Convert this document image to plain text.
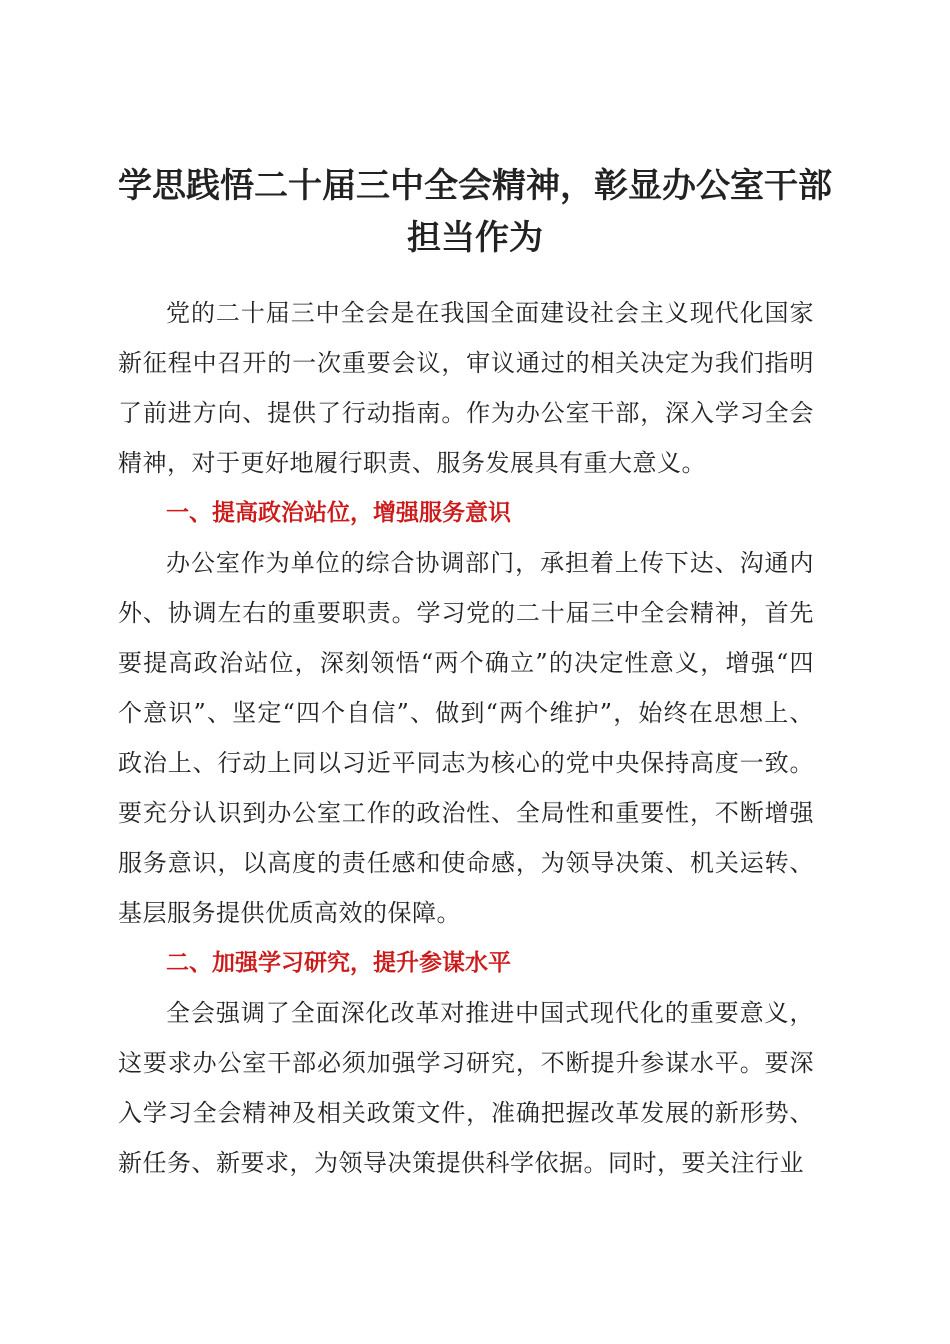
学思践悟二十届三中全会精神，彰显办公室干部担当作为

党的二十届三中全会是在我国全面建设社会主义现代化国家新征程中召开的一次重要会议，审议通过的相关决定为我们指明了前进方向、提供了行动指南。作为办公室干部，深入学习全会精神，对于更好地履行职责、服务发展具有重大意义。

一、提高政治站位，增强服务意识

办公室作为单位的综合协调部门，承担着上传下达、沟通内外、协调左右的重要职责。学习党的二十届三中全会精神，首先要提高政治站位，深刻领悟“两个确立”的决定性意义，增强“四个意识”、坚定“四个自信”、做到“两个维护”，始终在思想上、政治上、行动上同以习近平同志为核心的党中央保持高度一致。要充分认识到办公室工作的政治性、全局性和重要性，不断增强服务意识，以高度的责任感和使命感，为领导决策、机关运转、基层服务提供优质高效的保障。

二、加强学习研究，提升参谋水平

全会强调了全面深化改革对推进中国式现代化的重要意义，这要求办公室干部必须加强学习研究，不断提升参谋水平。要深入学习全会精神及相关政策文件，准确把握改革发展的新形势、新任务、新要求，为领导决策提供科学依据。同时，要关注行业
